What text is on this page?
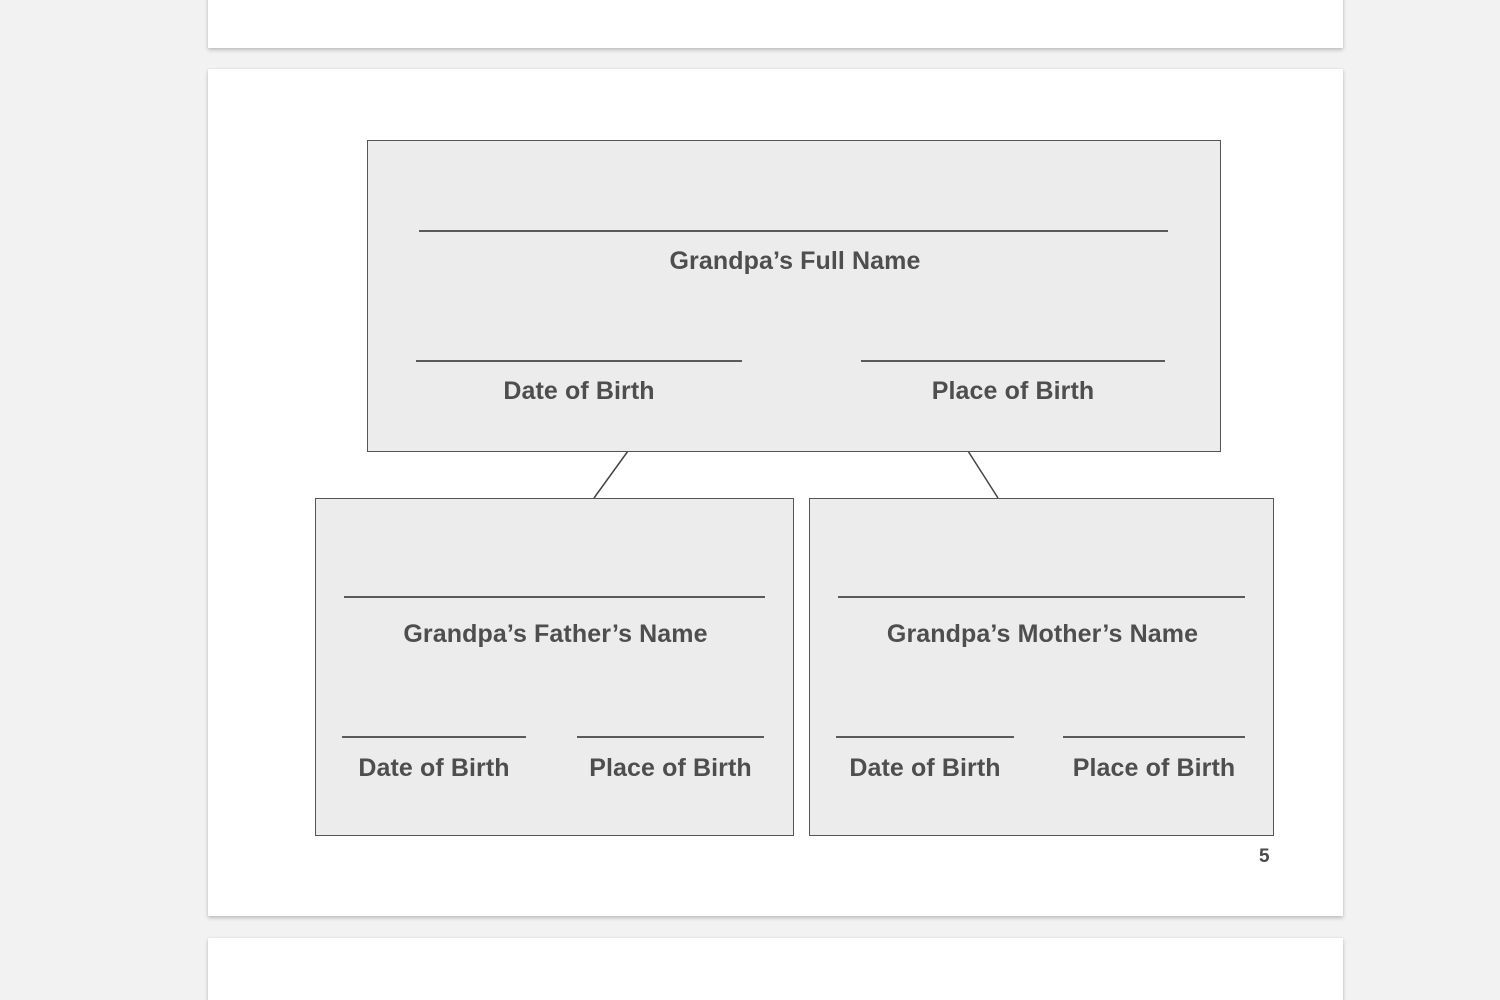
Grandpa’s Full Name
Date of Birth	Place of Birth
Grandpa’s Father’s Name
Date of Birth	Place of Birth
Grandpa’s Mother’s Name
Date of Birth	Place of Birth
5
